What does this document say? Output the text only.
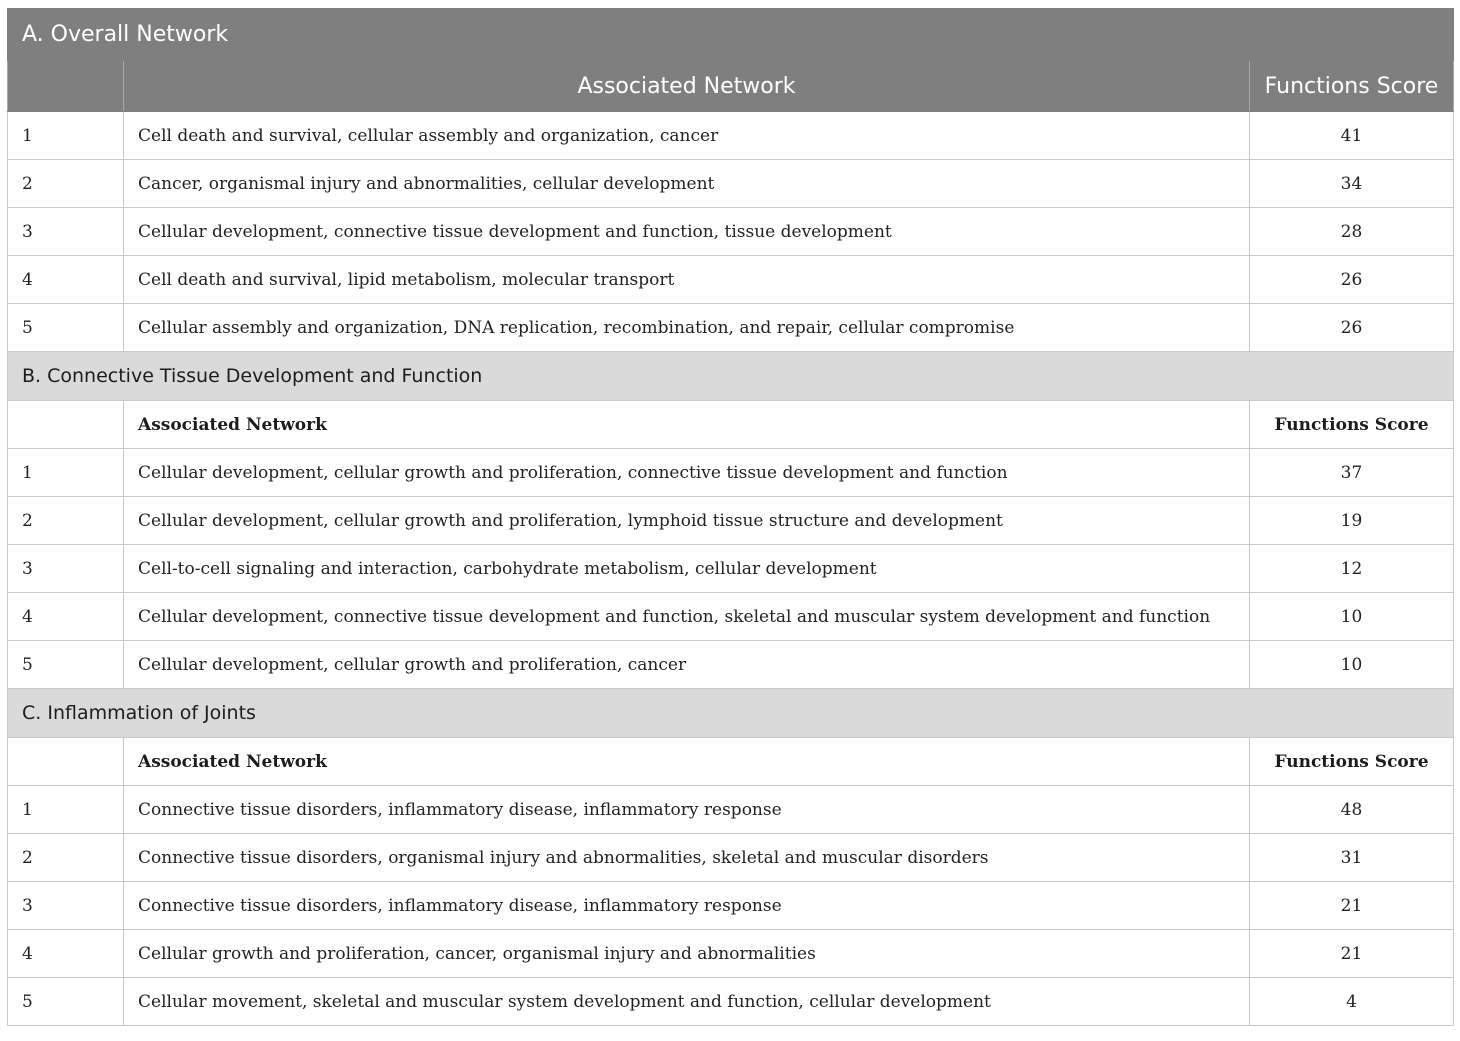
A. Overall Network		
	Associated Network	Functions Score
1	Cell death and survival, cellular assembly and organization, cancer	41
2	Cancer, organismal injury and abnormalities, cellular development	34
3	Cellular development, connective tissue development and function, tissue development	28
4	Cell death and survival, lipid metabolism, molecular transport	26
5	Cellular assembly and organization, DNA replication, recombination, and repair, cellular compromise	26
B. Connective Tissue Development and Function		
	Associated Network	Functions Score
1	Cellular development, cellular growth and proliferation, connective tissue development and function	37
2	Cellular development, cellular growth and proliferation, lymphoid tissue structure and development	19
3	Cell-to-cell signaling and interaction, carbohydrate metabolism, cellular development	12
4	Cellular development, connective tissue development and function, skeletal and muscular system development and function	10
5	Cellular development, cellular growth and proliferation, cancer	10
C. Inflammation of Joints		
	Associated Network	Functions Score
1	Connective tissue disorders, inflammatory disease, inflammatory response	48
2	Connective tissue disorders, organismal injury and abnormalities, skeletal and muscular disorders	31
3	Connective tissue disorders, inflammatory disease, inflammatory response	21
4	Cellular growth and proliferation, cancer, organismal injury and abnormalities	21
5	Cellular movement, skeletal and muscular system development and function, cellular development	4
